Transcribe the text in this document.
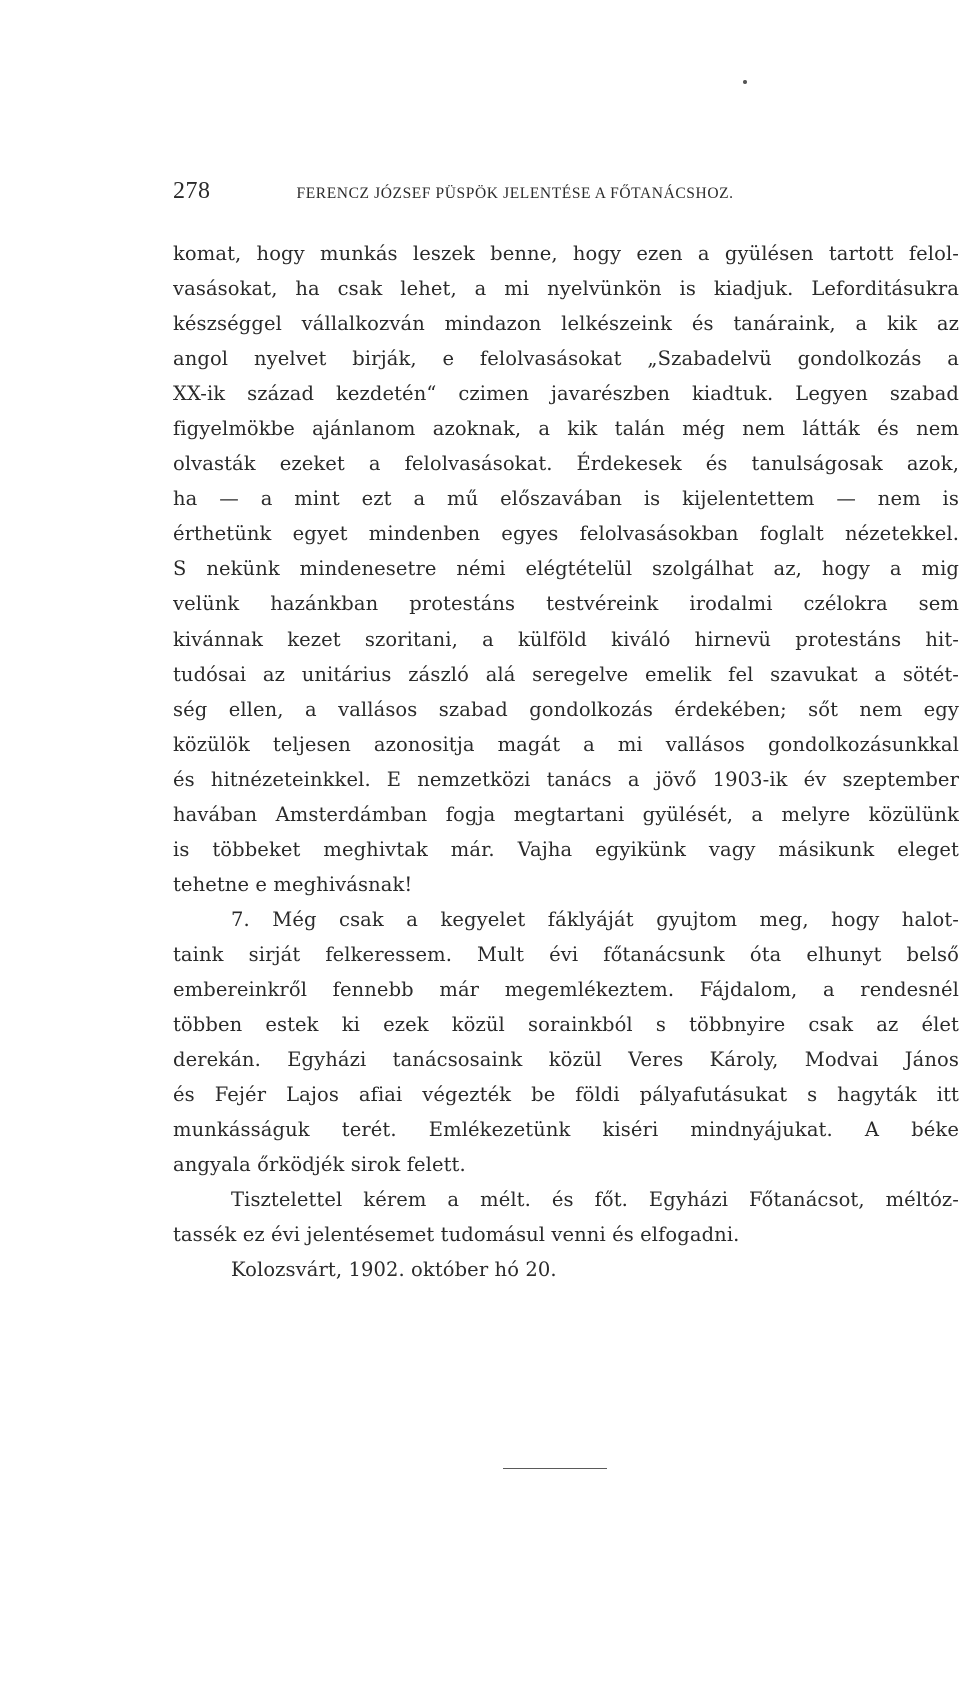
278	FERENCZ JÓZSEF PÜSPÖK JELENTÉSE A FŐTANÁCSHOZ.
komat, hogy munkás leszek benne, hogy ezen a gyülésen tartott felol-
vasásokat, ha csak lehet, a mi nyelvünkön is kiadjuk. Leforditásukra
készséggel vállalkozván mindazon lelkészeink és tanáraink, a kik az
angol nyelvet birják, e felolvasásokat „Szabadelvü gondolkozás a
XX-ik század kezdetén“ czimen javarészben kiadtuk. Legyen szabad
figyelmökbe ajánlanom azoknak, a kik talán még nem látták és nem
olvasták ezeket a felolvasásokat. Érdekesek és tanulságosak azok,
ha — a mint ezt a mű előszavában is kijelentettem — nem is
érthetünk egyet mindenben egyes felolvasásokban foglalt nézetekkel.
S nekünk mindenesetre némi elégtételül szolgálhat az, hogy a mig
velünk hazánkban protestáns testvéreink irodalmi czélokra sem
kivánnak kezet szoritani, a külföld kiváló hirnevü protestáns hit-
tudósai az unitárius zászló alá seregelve emelik fel szavukat a sötét-
ség ellen, a vallásos szabad gondolkozás érdekében; sőt nem egy
közülök teljesen azonositja magát a mi vallásos gondolkozásunkkal
és hitnézeteinkkel. E nemzetközi tanács a jövő 1903-ik év szeptember
havában Amsterdámban fogja megtartani gyülését, a melyre közülünk
is többeket meghivtak már. Vajha egyikünk vagy másikunk eleget
tehetne e meghivásnak!
7. Még csak a kegyelet fáklyáját gyujtom meg, hogy halot-
taink sirját felkeressem. Mult évi főtanácsunk óta elhunyt belső
embereinkről fennebb már megemlékeztem. Fájdalom, a rendesnél
többen estek ki ezek közül sorainkból s többnyire csak az élet
derekán. Egyházi tanácsosaink közül Veres Károly, Modvai János
és Fejér Lajos afiai végezték be földi pályafutásukat s hagyták itt
munkásságuk terét. Emlékezetünk kiséri mindnyájukat. A béke
angyala őrködjék sirok felett.
Tisztelettel kérem a mélt. és főt. Egyházi Főtanácsot, méltóz-
tassék ez évi jelentésemet tudomásul venni és elfogadni.
Kolozsvárt, 1902. október hó 20.
